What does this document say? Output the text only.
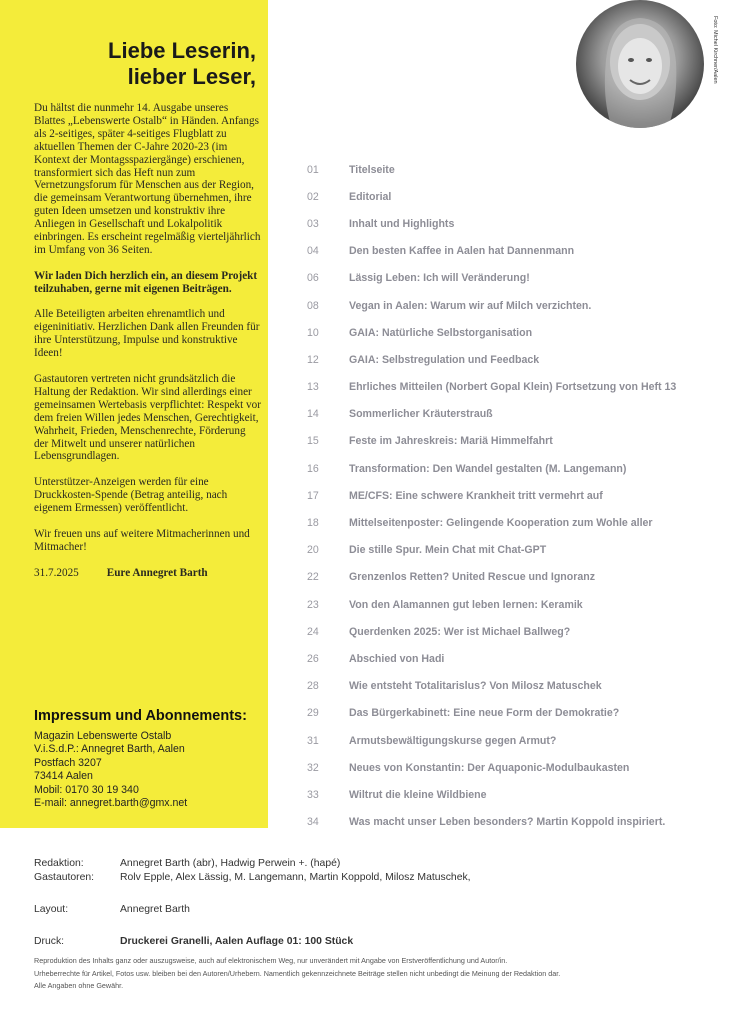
Liebe Leserin,
lieber Leser,

Du hältst die nunmehr 14. Ausgabe unseres Blattes „Lebenswerte Ostalb“ in Händen. Anfangs als 2-seitiges, später 4-seitiges Flugblatt zu aktuellen Themen der C-Jahre 2020-23 (im Kontext der Montagsspaziergänge) erschienen, transformiert sich das Heft nun zum Vernetzungsforum für Menschen aus der Region, die gemeinsam Verantwortung übernehmen, ihre guten Ideen umsetzen und konstruktiv ihre Anliegen in Gesellschaft und Lokalpolitik einbringen. Es erscheint regelmäßig vierteljährlich im Umfang von 36 Seiten.

Wir laden Dich herzlich ein, an diesem Projekt teilzuhaben, gerne mit eigenen Beiträgen.

Alle Beteiligten arbeiten ehrenamtlich und eigeninitiativ. Herzlichen Dank allen Freunden für ihre Unterstützung, Impulse und konstruktive Ideen!

Gastautoren vertreten nicht grundsätzlich die Haltung der Redaktion. Wir sind allerdings einer gemeinsamen Wertebasis verpflichtet: Respekt vor dem freien Willen jedes Menschen, Gerechtigkeit, Wahrheit, Frieden, Menschenrechte, Förderung der Mitwelt und unserer natürlichen Lebensgrundlagen.

Unterstützer-Anzeigen werden für eine Druckkosten-Spende (Betrag anteilig, nach eigenem Ermessen) veröffentlicht.

Wir freuen uns auf weitere Mitmacherinnen und Mitmacher!

31.7.2025	Eure Annegret Barth
Impressum und Abonnements:
Magazin Lebenswerte Ostalb
V.i.S.d.P.: Annegret Barth, Aalen
Postfach 3207
73414 Aalen
Mobil: 0170 30 19 340
E-mail: annegret.barth@gmx.net
Foto: Michel Kirchner/Aalen
01	Titelseite
02	Editorial
03	Inhalt und Highlights
04	Den besten Kaffee in Aalen hat Dannenmann
06	Lässig Leben: Ich will Veränderung!
08	Vegan in Aalen: Warum wir auf Milch verzichten.
10	GAIA: Natürliche Selbstorganisation
12	GAIA: Selbstregulation und Feedback
13	Ehrliches Mitteilen (Norbert Gopal Klein) Fortsetzung von Heft 13
14	Sommerlicher Kräuterstrauß
15	Feste im Jahreskreis: Mariä Himmelfahrt
16	Transformation: Den Wandel gestalten (M. Langemann)
17	ME/CFS: Eine schwere Krankheit tritt vermehrt auf
18	Mittelseitenposter: Gelingende Kooperation zum Wohle aller
20	Die stille Spur. Mein Chat mit Chat-GPT
22	Grenzenlos Retten? United Rescue und Ignoranz
23	Von den Alamannen gut leben lernen: Keramik
24	Querdenken 2025: Wer ist Michael Ballweg?
26	Abschied von Hadi
28	Wie entsteht Totalitarislus? Von Milosz Matuschek
29	Das Bürgerkabinett: Eine neue Form der Demokratie?
31	Armutsbewältigungskurse gegen Armut?
32	Neues von Konstantin: Der Aquaponic-Modulbaukasten
33	Wiltrut die kleine Wildbiene
34	Was macht unser Leben besonders? Martin Koppold inspiriert.
Redaktion:	Annegret Barth (abr), Hadwig Perwein +. (hapé)
Gastautoren:	Rolv Epple, Alex Lässig, M. Langemann, Martin Koppold, Milosz Matuschek,
Layout:	Annegret Barth
Druck:	Druckerei Granelli, Aalen Auflage 01: 100 Stück
Reproduktion des Inhalts ganz oder auszugsweise, auch auf elektronischem Weg, nur unverändert mit Angabe von Erstveröffentlichung und Autor/in.
Urheberrechte für Artikel, Fotos usw. bleiben bei den Autoren/Urhebern. Namentlich gekennzeichnete Beiträge stellen nicht unbedingt die Meinung der Redaktion dar.
Alle Angaben ohne Gewähr.
